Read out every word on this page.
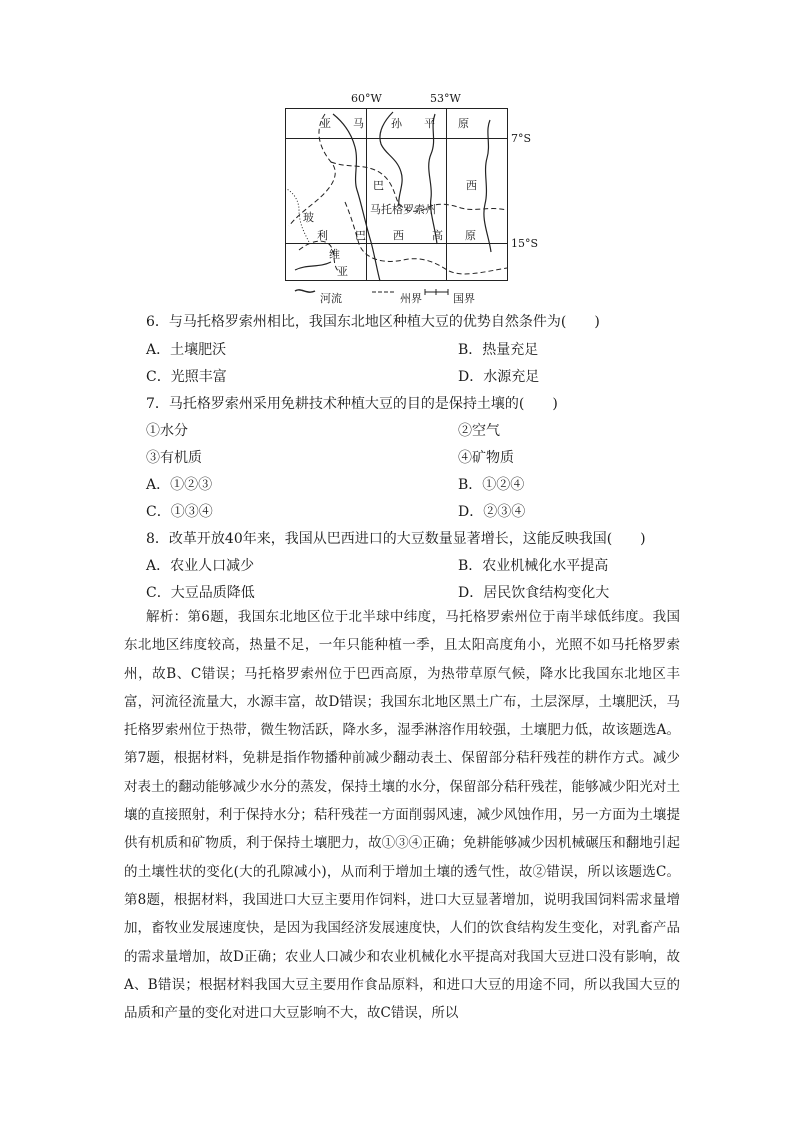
60°W	53°W
7°S
15°S
亚 马 孙 平 原
巴	西
马托格罗索州
玻
利 巴 西	高 原
维
亚
河流	州界	国界
6．与马托格罗索州相比，我国东北地区种植大豆的优势自然条件为(　　)
A．土壤肥沃	B．热量充足
C．光照丰富	D．水源充足
7．马托格罗索州采用免耕技术种植大豆的目的是保持土壤的(　　)
①水分	②空气
③有机质	④矿物质
A．①②③	B．①②④
C．①③④	D．②③④
8．改革开放40年来，我国从巴西进口的大豆数量显著增长，这能反映我国(　　)
A．农业人口减少	B．农业机械化水平提高
C．大豆品质降低	D．居民饮食结构变化大
解析：第6题，我国东北地区位于北半球中纬度，马托格罗索州位于南半球低纬度。我国东北地区纬度较高，热量不足，一年只能种植一季，且太阳高度角小，光照不如马托格罗索州，故B、C错误；马托格罗索州位于巴西高原，为热带草原气候，降水比我国东北地区丰富，河流径流量大，水源丰富，故D错误；我国东北地区黑土广布，土层深厚，土壤肥沃，马托格罗索州位于热带，微生物活跃，降水多，湿季淋溶作用较强，土壤肥力低，故该题选A。第7题，根据材料，免耕是指作物播种前减少翻动表土、保留部分秸秆残茬的耕作方式。减少对表土的翻动能够减少水分的蒸发，保持土壤的水分，保留部分秸秆残茬，能够减少阳光对土壤的直接照射，利于保持水分；秸秆残茬一方面削弱风速，减少风蚀作用，另一方面为土壤提供有机质和矿物质，利于保持土壤肥力，故①③④正确；免耕能够减少因机械碾压和翻地引起的土壤性状的变化(大的孔隙减小)，从而利于增加土壤的透气性，故②错误，所以该题选C。第8题，根据材料，我国进口大豆主要用作饲料，进口大豆显著增加，说明我国饲料需求量增加，畜牧业发展速度快，是因为我国经济发展速度快，人们的饮食结构发生变化，对乳畜产品的需求量增加，故D正确；农业人口减少和农业机械化水平提高对我国大豆进口没有影响，故A、B错误；根据材料我国大豆主要用作食品原料，和进口大豆的用途不同，所以我国大豆的品质和产量的变化对进口大豆影响不大，故C错误，所以
